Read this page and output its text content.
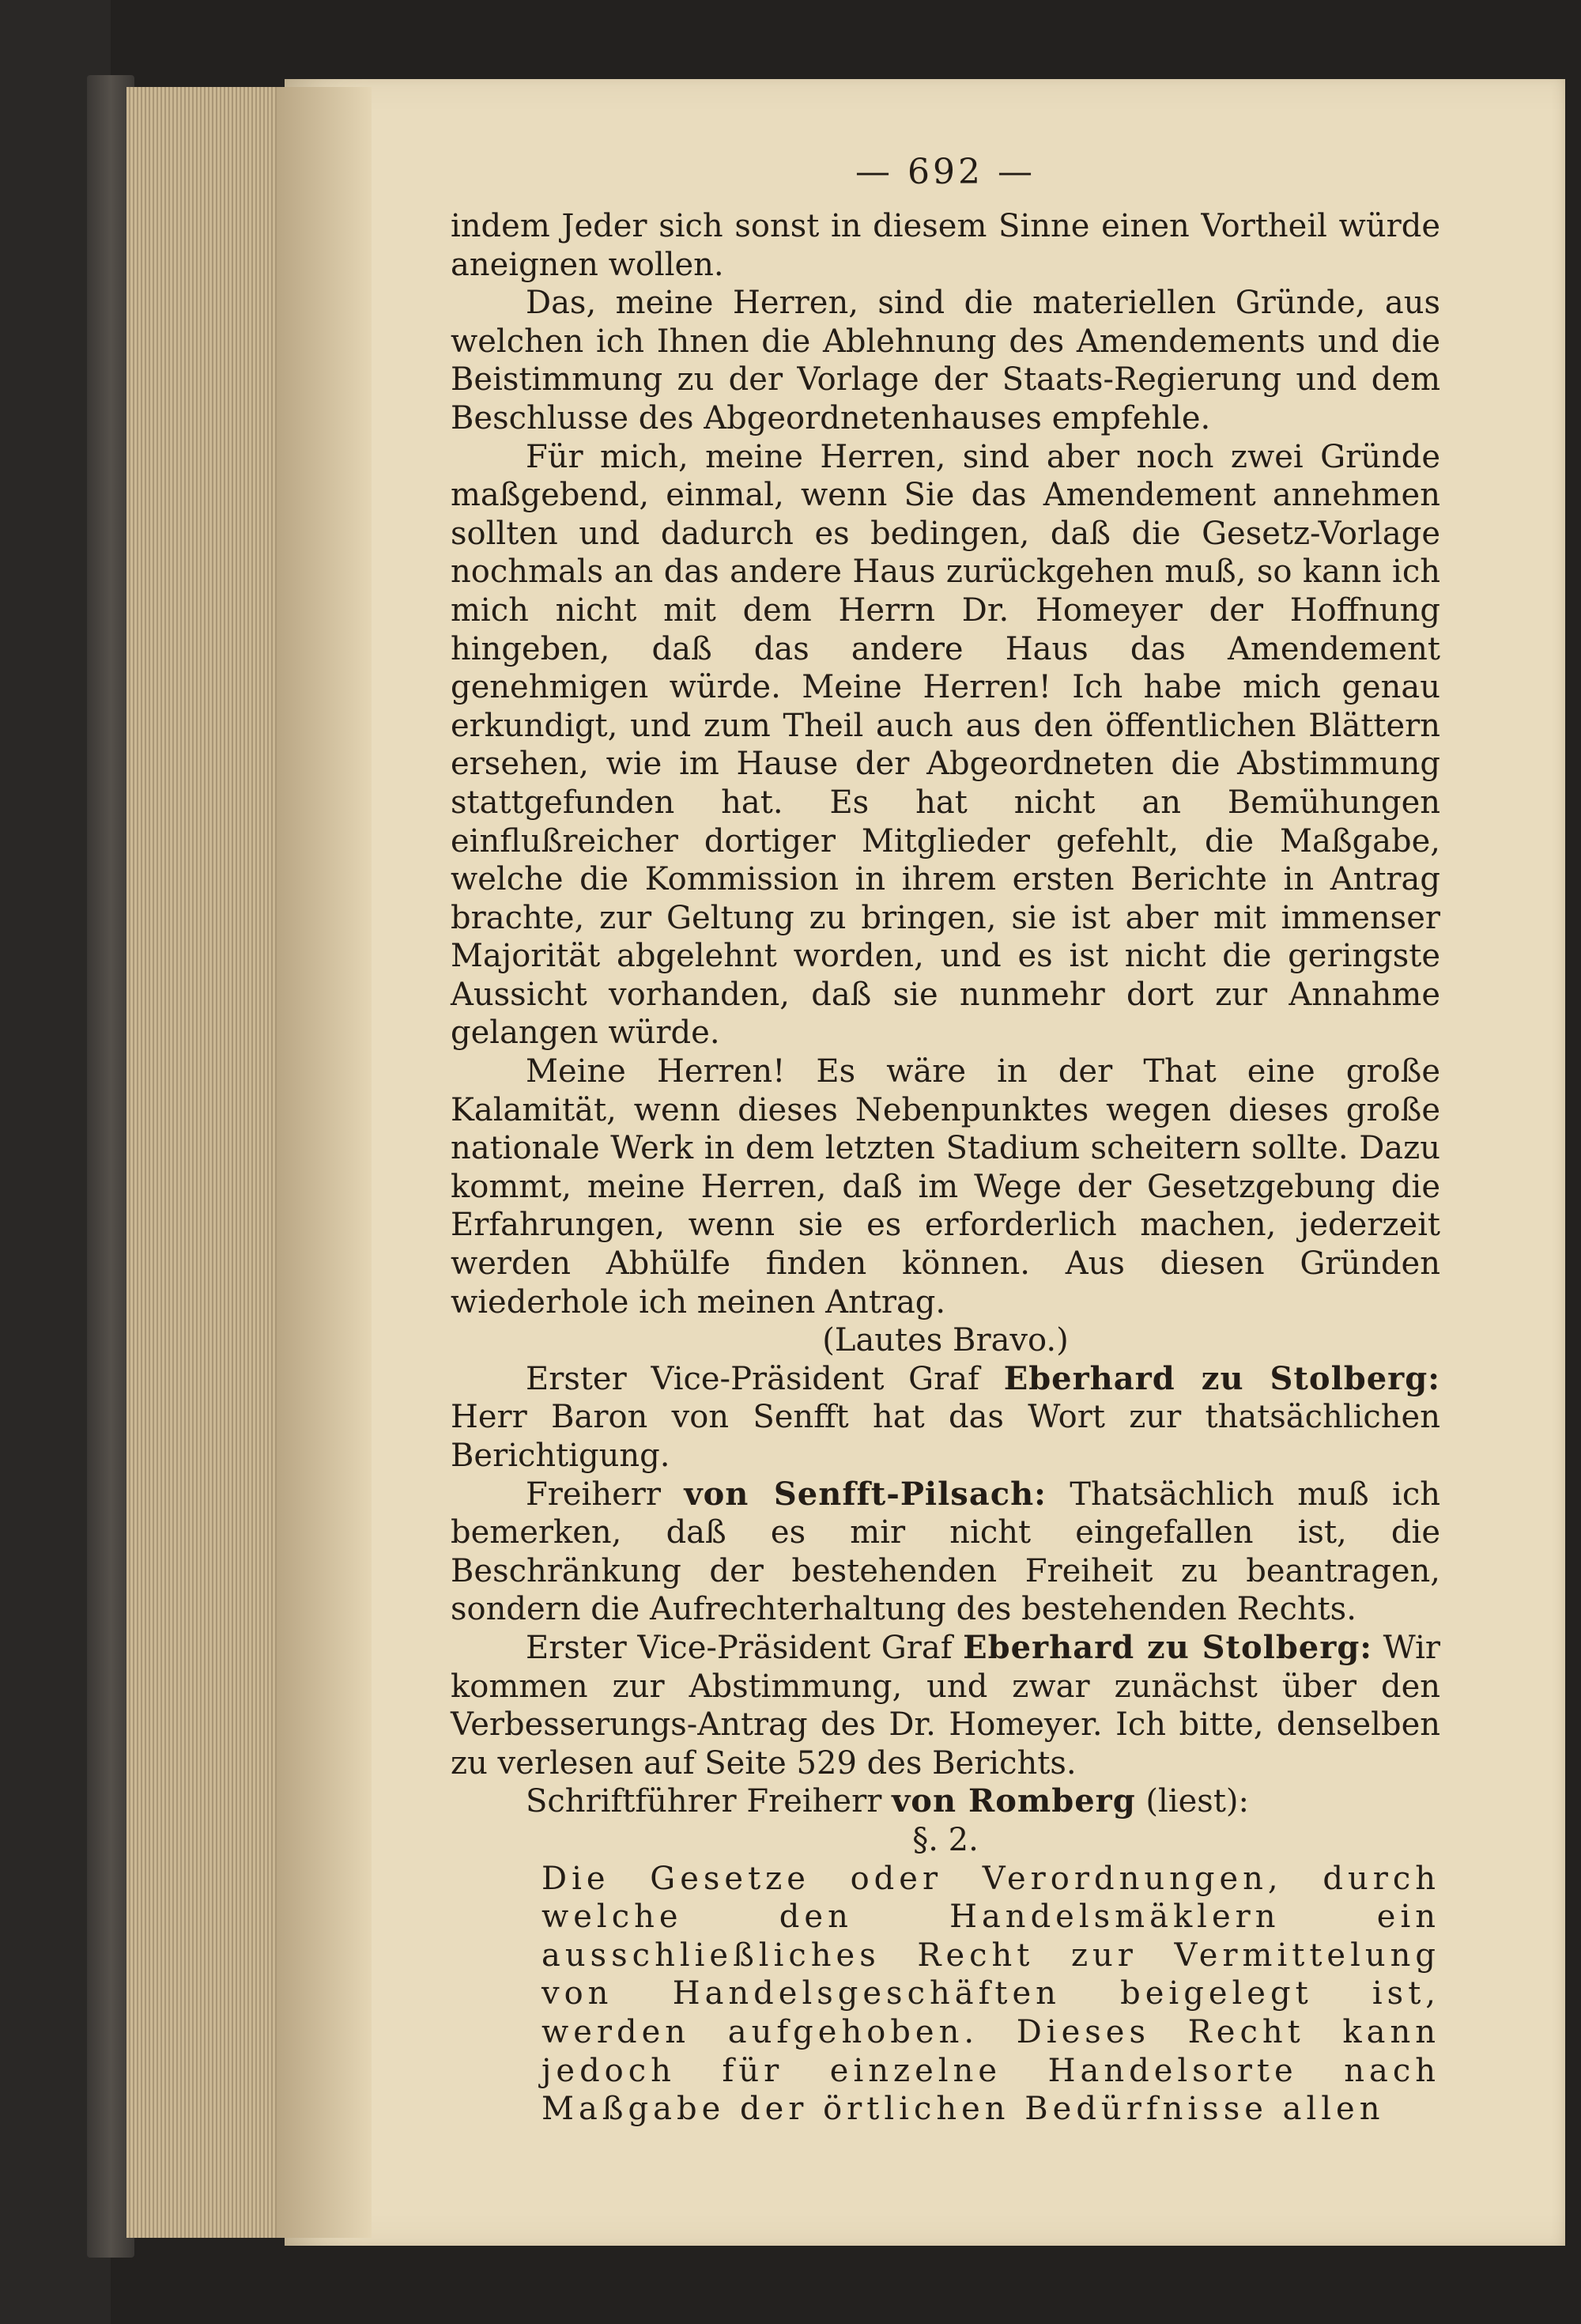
— 692 —

indem Jeder sich sonst in diesem Sinne einen Vortheil würde aneignen wollen.

Das, meine Herren, sind die materiellen Gründe, aus welchen ich Ihnen die Ablehnung des Amendements und die Beistimmung zu der Vorlage der Staats-Regierung und dem Beschlusse des Abgeordnetenhauses empfehle.

Für mich, meine Herren, sind aber noch zwei Gründe maßgebend, einmal, wenn Sie das Amendement annehmen sollten und dadurch es bedingen, daß die Gesetz-Vorlage nochmals an das andere Haus zurückgehen muß, so kann ich mich nicht mit dem Herrn Dr. Homeyer der Hoffnung hingeben, daß das andere Haus das Amendement genehmigen würde. Meine Herren! Ich habe mich genau erkundigt, und zum Theil auch aus den öffentlichen Blättern ersehen, wie im Hause der Abgeordneten die Abstimmung stattgefunden hat. Es hat nicht an Bemühungen einflußreicher dortiger Mitglieder gefehlt, die Maßgabe, welche die Kommission in ihrem ersten Berichte in Antrag brachte, zur Geltung zu bringen, sie ist aber mit immenser Majorität abgelehnt worden, und es ist nicht die geringste Aussicht vorhanden, daß sie nunmehr dort zur Annahme gelangen würde.

Meine Herren! Es wäre in der That eine große Kalamität, wenn dieses Nebenpunktes wegen dieses große nationale Werk in dem letzten Stadium scheitern sollte. Dazu kommt, meine Herren, daß im Wege der Gesetzgebung die Erfahrungen, wenn sie es erforderlich machen, jederzeit werden Abhülfe finden können. Aus diesen Gründen wiederhole ich meinen Antrag.

(Lautes Bravo.)

Erster Vice-Präsident Graf Eberhard zu Stolberg: Herr Baron von Senfft hat das Wort zur thatsächlichen Berichtigung.

Freiherr von Senfft-Pilsach: Thatsächlich muß ich bemerken, daß es mir nicht eingefallen ist, die Beschränkung der bestehenden Freiheit zu beantragen, sondern die Aufrechterhaltung des bestehenden Rechts.

Erster Vice-Präsident Graf Eberhard zu Stolberg: Wir kommen zur Abstimmung, und zwar zunächst über den Verbesserungs-Antrag des Dr. Homeyer. Ich bitte, denselben zu verlesen auf Seite 529 des Berichts.

Schriftführer Freiherr von Romberg (liest):

§. 2.

Die Gesetze oder Verordnungen, durch welche den Handelsmäklern ein ausschließliches Recht zur Vermittelung von Handelsgeschäften beigelegt ist, werden aufgehoben. Dieses Recht kann jedoch für einzelne Handelsorte nach Maßgabe der örtlichen Bedürfnisse allen
